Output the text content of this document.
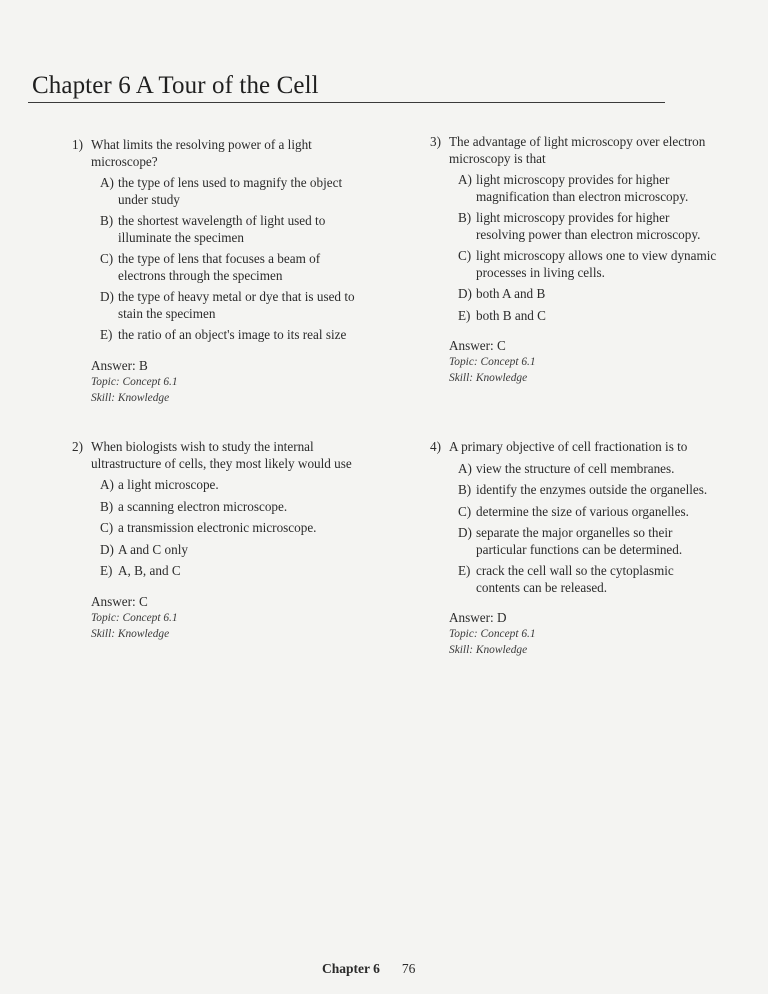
Chapter 6 A Tour of the Cell
1) What limits the resolving power of a light microscope?
A) the type of lens used to magnify the object under study
B) the shortest wavelength of light used to illuminate the specimen
C) the type of lens that focuses a beam of electrons through the specimen
D) the type of heavy metal or dye that is used to stain the specimen
E) the ratio of an object's image to its real size
Answer: B
Topic: Concept 6.1
Skill: Knowledge
2) When biologists wish to study the internal ultrastructure of cells, they most likely would use
A) a light microscope.
B) a scanning electron microscope.
C) a transmission electronic microscope.
D) A and C only
E) A, B, and C
Answer: C
Topic: Concept 6.1
Skill: Knowledge
3) The advantage of light microscopy over electron microscopy is that
A) light microscopy provides for higher magnification than electron microscopy.
B) light microscopy provides for higher resolving power than electron microscopy.
C) light microscopy allows one to view dynamic processes in living cells.
D) both A and B
E) both B and C
Answer: C
Topic: Concept 6.1
Skill: Knowledge
4) A primary objective of cell fractionation is to
A) view the structure of cell membranes.
B) identify the enzymes outside the organelles.
C) determine the size of various organelles.
D) separate the major organelles so their particular functions can be determined.
E) crack the cell wall so the cytoplasmic contents can be released.
Answer: D
Topic: Concept 6.1
Skill: Knowledge
Chapter 6 76
